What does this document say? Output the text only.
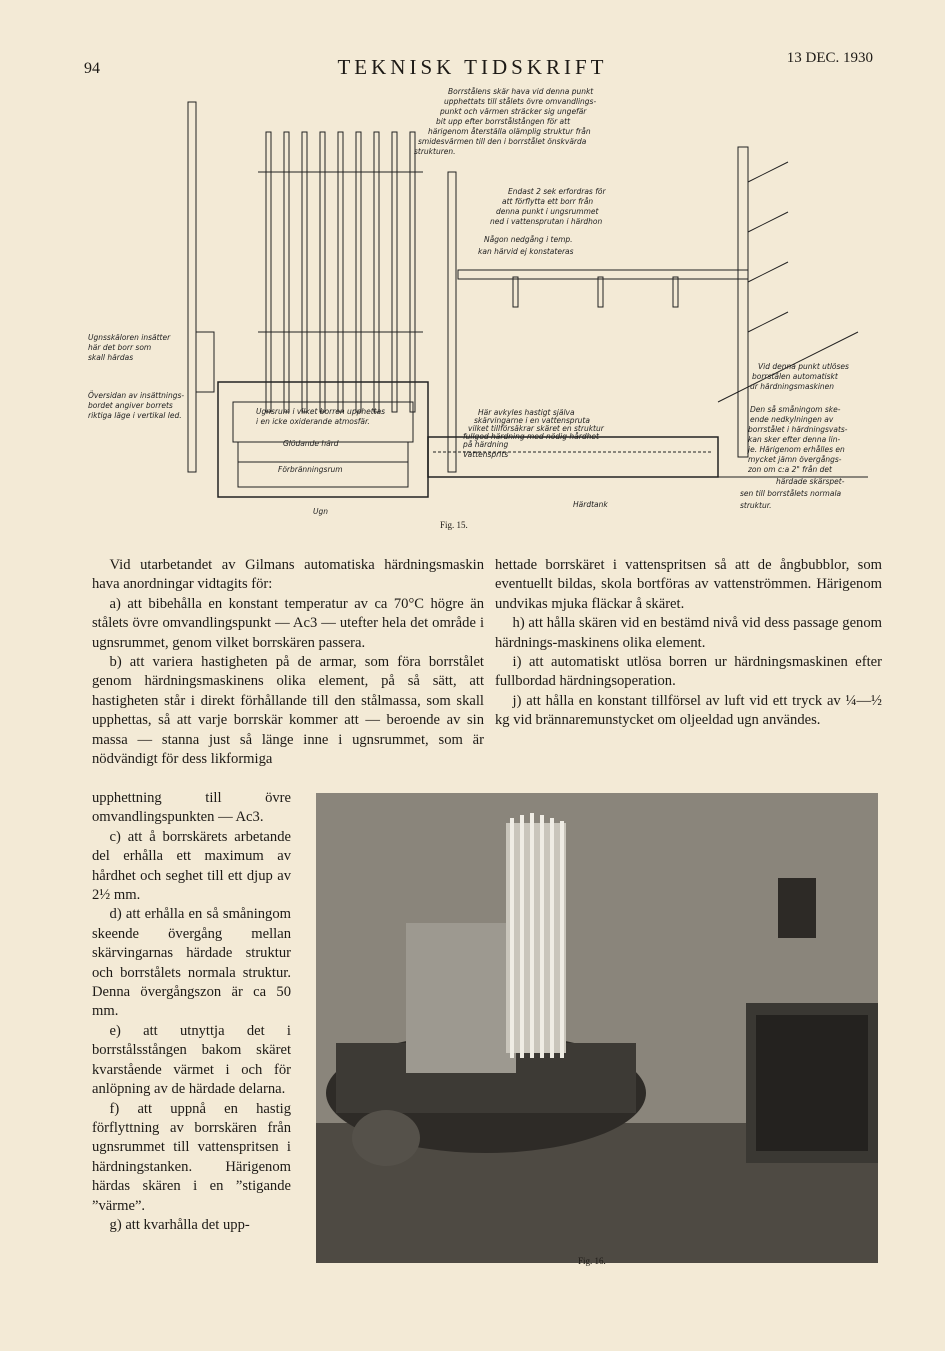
94	TEKNISK TIDSKRIFT	13 DEC. 1930
Borrstålens skär hava vid denna punkt
upphettats till stålets övre omvandlings-
punkt och värmen sträcker sig ungefär
bit upp efter borrstålstången för att
härigenom återställa olämplig struktur från
smidesvärmen till den i borrstålet önskvärda
strukturen.
Endast 2 sek erfordras för
att förflytta ett borr från
denna punkt i ungsrummet
ned i vattensprutan i härdhon
Någon nedgång i temp.
kan härvid ej konstateras
Ugnsskäloren insätter
här det borr som
skall härdas
Översidan av insättnings-
bordet angiver borrets
riktiga läge i vertikal led.	Ugnsrum i vilket borren upphettas
i en icke oxiderande atmosfär.
Glödande härd
Förbränningsrum
Ugn
Här avkyles hastigt själva
skärvingarne i en vattenspruta
vilket tillförsäkrar skäret en struktur
fullgod härdning med nödig hårdhet
på härdning
Vattensprits
Härdtank
Vid denna punkt utlöses
borrstålen automatiskt
ur härdningsmaskinen
Den så småningom ske-
ende nedkylningen av
borrstålet i härdningsvats-
kan sker efter denna lin-
je. Härigenom erhålles en
mycket jämn övergångs-
zon om c:a 2" från det
härdade skärspet-
sen till borrstålets normala
struktur.
Fig. 15.

Vid utarbetandet av Gilmans automatiska härdningsmaskin hava anordningar vidtagits för:

a) att bibehålla en konstant temperatur av ca 70°C högre än stålets övre omvandlingspunkt — Ac3 — utefter hela det område i ugnsrummet, genom vilket borrskären passera.

b) att variera hastigheten på de armar, som föra borrstålet genom härdningsmaskinens olika element, på så sätt, att hastigheten står i direkt förhållande till den stålmassa, som skall upphettas, så att varje borrskär kommer att — beroende av sin massa — stanna just så länge inne i ugnsrummet, som är nödvändigt för dess likformiga

upphettning till övre omvandlingspunkten — Ac3.

c) att å borrskärets arbetande del erhålla ett maximum av hårdhet och seghet till ett djup av 2½ mm.

d) att erhålla en så småningom skeende övergång mellan skärvingarnas härdade struktur och borrstålets normala struktur. Denna övergångszon är ca 50 mm.

e) att utnyttja det i borrstålsstången bakom skäret kvarstående värmet i och för anlöpning av de härdade delarna.

f) att uppnå en hastig förflyttning av borrskären från ugnsrummet till vattenspritsen i härdningstanken. Härigenom härdas skären i en ”stigande ”värme”.

g) att kvarhålla det upp-

hettade borrskäret i vattenspritsen så att de ångbubblor, som eventuellt bildas, skola bortföras av vattenströmmen. Härigenom undvikas mjuka fläckar å skäret.

h) att hålla skären vid en bestämd nivå vid dess passage genom härdnings-maskinens olika element.

i) att automatiskt utlösa borren ur härdningsmaskinen efter fullbordad härdningsoperation.

j) att hålla en konstant tillförsel av luft vid ett tryck av ¼—½ kg vid brännaremunstycket om oljeeldad ugn användes.

Fig. 16.
